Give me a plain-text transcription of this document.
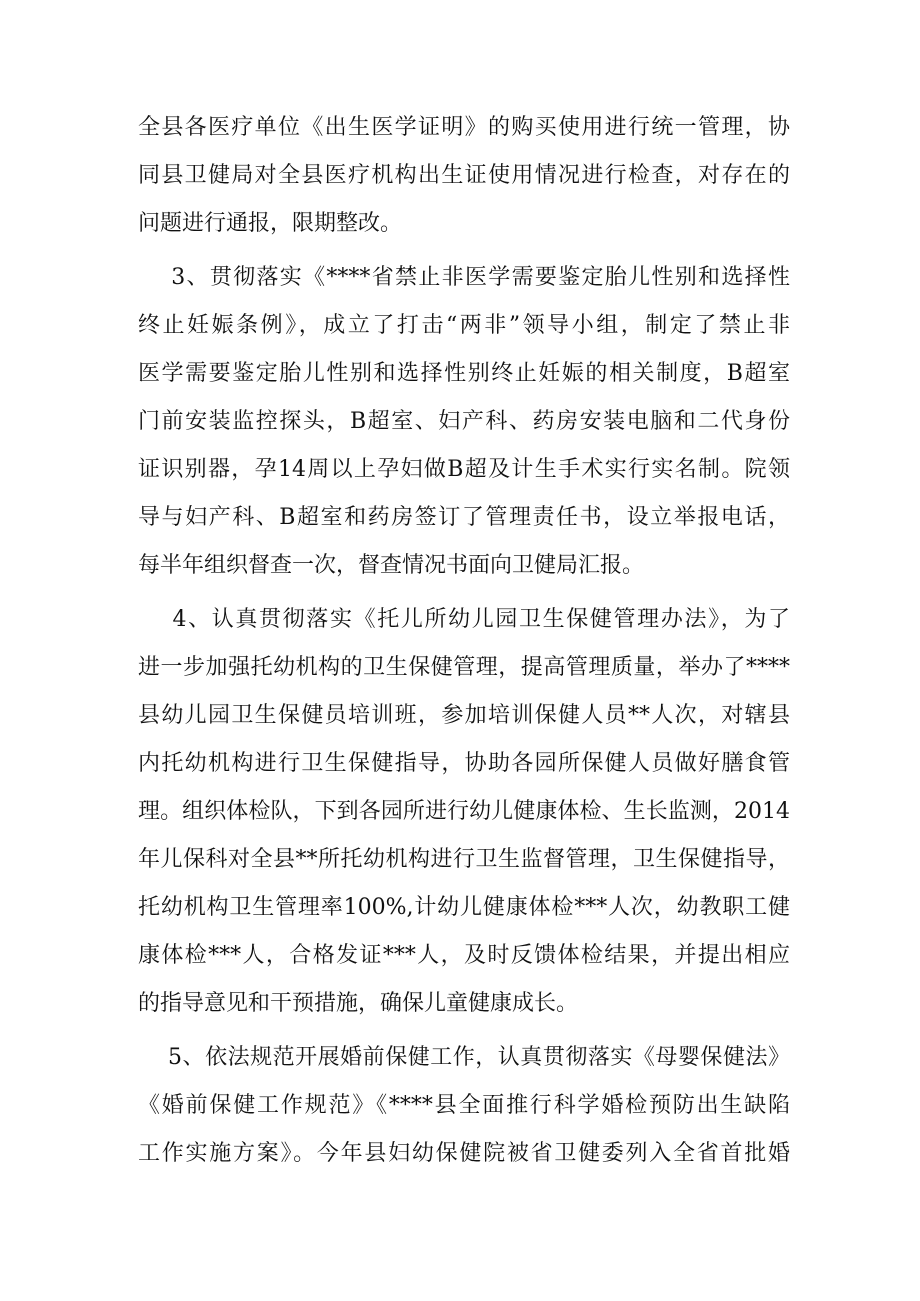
全县各医疗单位《出生医学证明》的购买使用进行统一管理，协
同县卫健局对全县医疗机构出生证使用情况进行检查，对存在的
问题进行通报，限期整改。
3、贯彻落实《****省禁止非医学需要鉴定胎儿性别和选择性
终止妊娠条例》，成立了打击“两非”领导小组，制定了禁止非
医学需要鉴定胎儿性别和选择性别终止妊娠的相关制度，B超室
门前安装监控探头，B超室、妇产科、药房安装电脑和二代身份
证识别器，孕14周以上孕妇做B超及计生手术实行实名制。院领
导与妇产科、B超室和药房签订了管理责任书，设立举报电话，
每半年组织督查一次，督查情况书面向卫健局汇报。
4、认真贯彻落实《托儿所幼儿园卫生保健管理办法》，为了
进一步加强托幼机构的卫生保健管理，提高管理质量，举办了****
县幼儿园卫生保健员培训班，参加培训保健人员**人次，对辖县
内托幼机构进行卫生保健指导，协助各园所保健人员做好膳食管
理。组织体检队，下到各园所进行幼儿健康体检、生长监测，2014
年儿保科对全县**所托幼机构进行卫生监督管理，卫生保健指导，
托幼机构卫生管理率100%,计幼儿健康体检***人次，幼教职工健
康体检***人，合格发证***人，及时反馈体检结果，并提出相应
的指导意见和干预措施，确保儿童健康成长。
5、依法规范开展婚前保健工作，认真贯彻落实《母婴保健法》
《婚前保健工作规范》《****县全面推行科学婚检预防出生缺陷
工作实施方案》。今年县妇幼保健院被省卫健委列入全省首批婚
